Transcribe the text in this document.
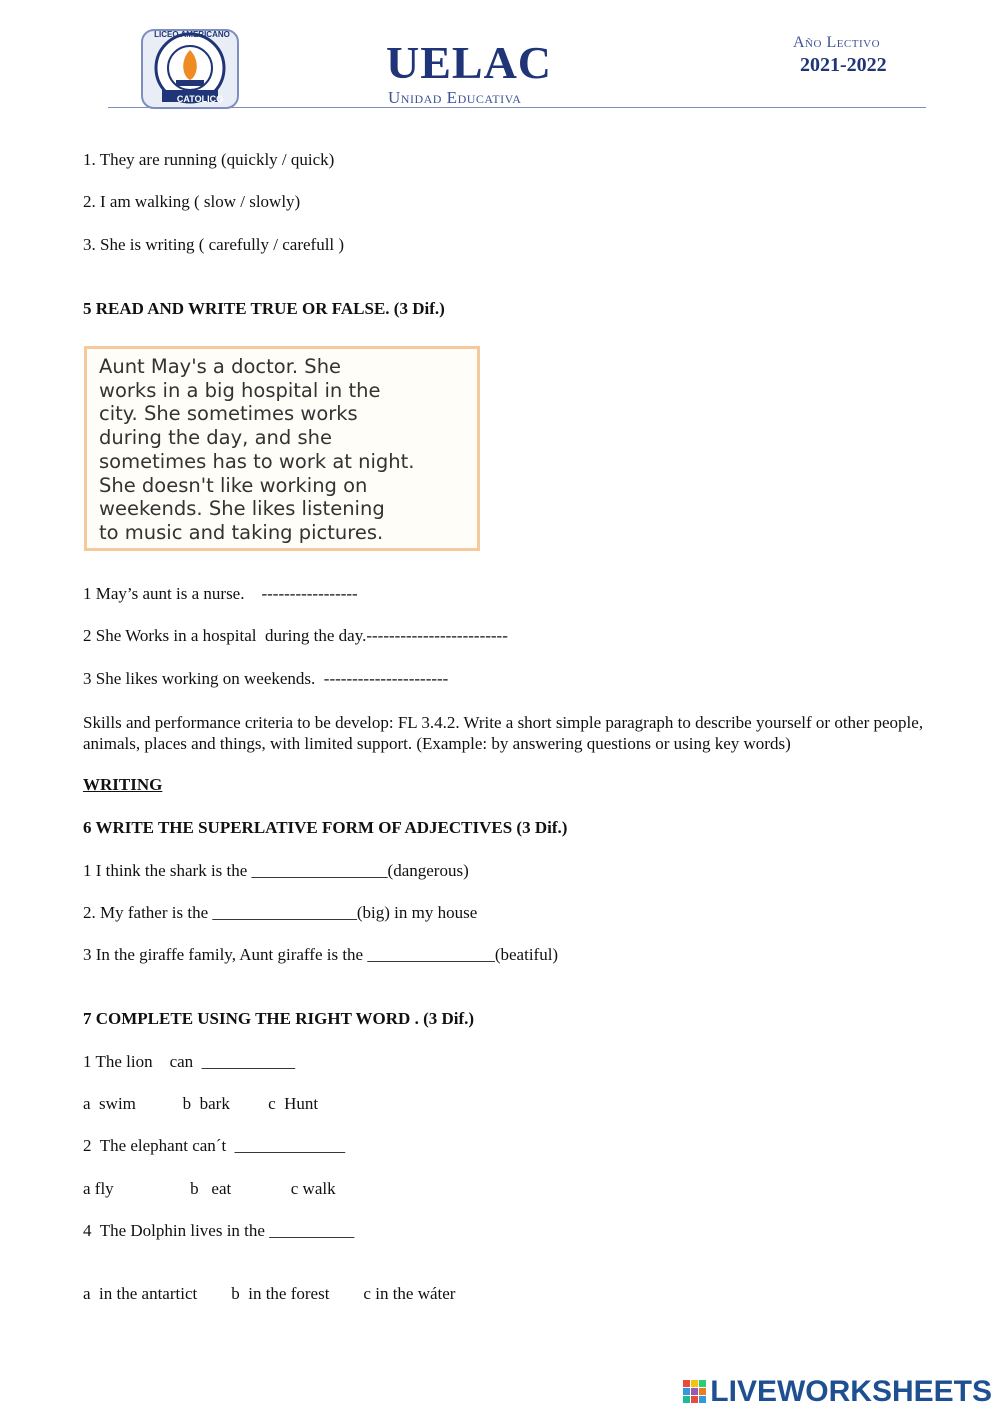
LICEO AMERICANO
CATOLICO
UELAC
Unidad Educativa
Año Lectivo
2021-2022
1. They are running (quickly / quick)
2. I am walking ( slow / slowly)
3. She is writing ( carefully / carefull )
5 READ AND WRITE TRUE OR FALSE. (3 Dif.)
Aunt May's a doctor. She
works in a big hospital in the
city. She sometimes works
during the day, and she
sometimes has to work at night.
She doesn't like working on
weekends. She likes listening
to music and taking pictures.
1 May’s aunt is a nurse.    -----------------
2 She Works in a hospital  during the day.-------------------------
3 She likes working on weekends.  ----------------------
Skills and performance criteria to be develop: FL 3.4.2. Write a short simple paragraph to describe yourself or other people, animals, places and things, with limited support. (Example: by answering questions or using key words)
WRITING
6 WRITE THE SUPERLATIVE FORM OF ADJECTIVES (3 Dif.)
1 I think the shark is the ________________(dangerous)
2. My father is the _________________(big) in my house
3 In the giraffe family, Aunt giraffe is the _______________(beatiful)
7 COMPLETE USING THE RIGHT WORD . (3 Dif.)
1 The lion    can  ___________
a  swim           b  bark         c  Hunt
2  The elephant can´t  _____________
a fly                  b   eat              c walk
4  The Dolphin lives in the __________
a  in the antartict        b  in the forest        c in the wáter
LIVEWORKSHEETS
